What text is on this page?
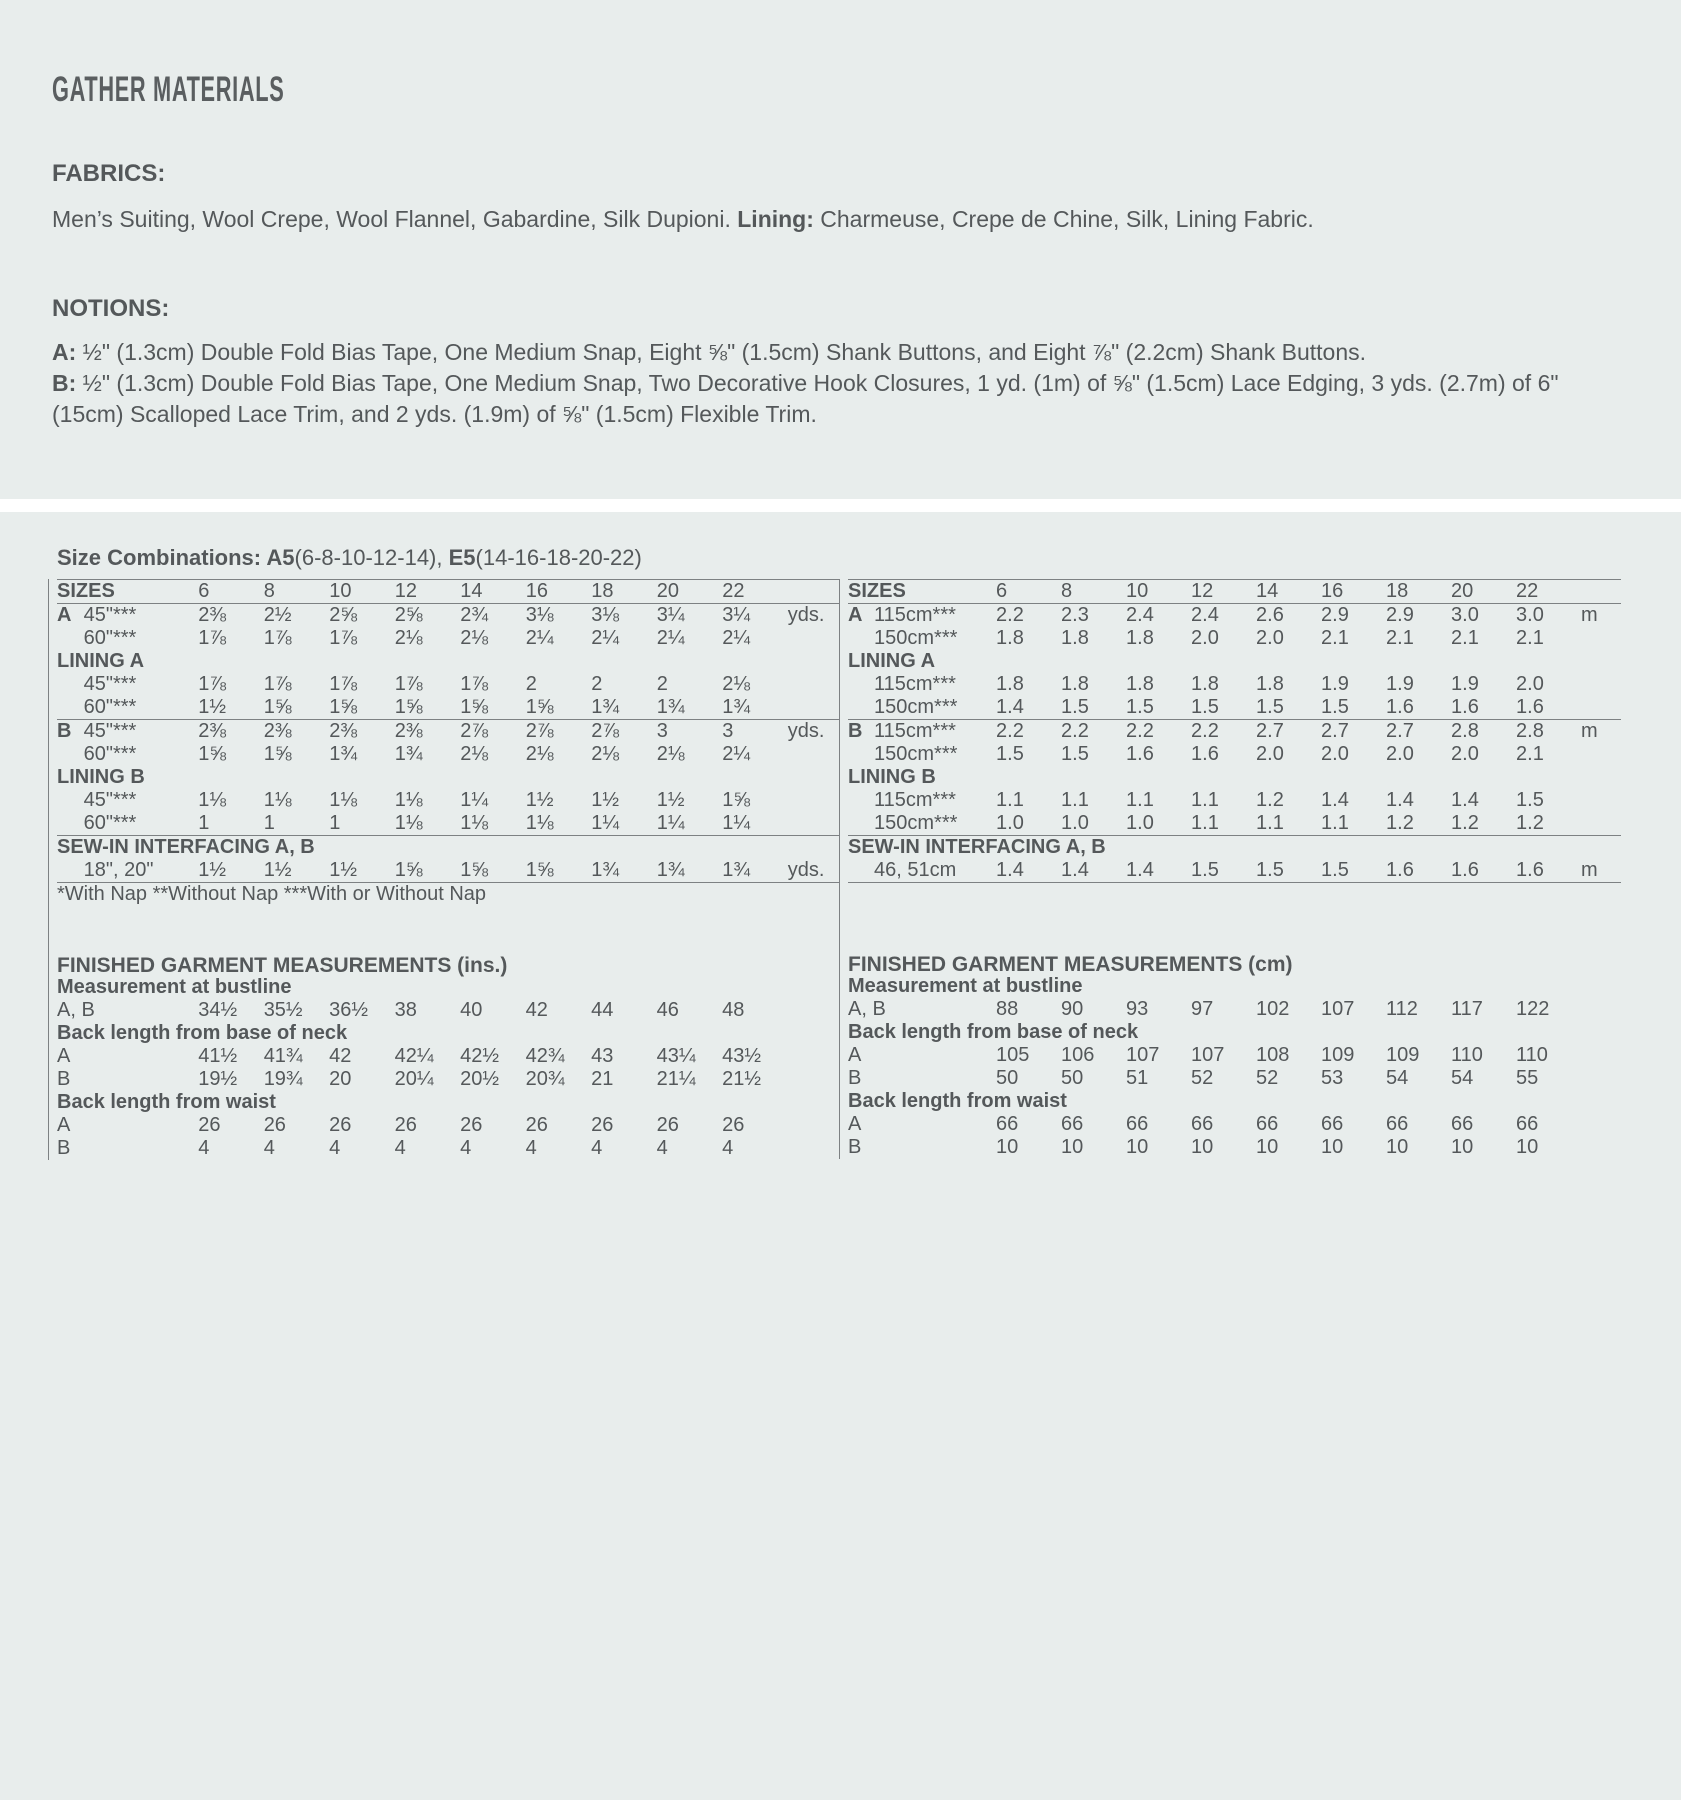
GATHER MATERIALS
FABRICS:

Men’s Suiting, Wool Crepe, Wool Flannel, Gabardine, Silk Dupioni. Lining: Charmeuse, Crepe de Chine, Silk, Lining Fabric.

NOTIONS:

A: ½" (1.3cm) Double Fold Bias Tape, One Medium Snap, Eight ⅝" (1.5cm) Shank Buttons, and Eight ⅞" (2.2cm) Shank Buttons.
B: ½" (1.3cm) Double Fold Bias Tape, One Medium Snap, Two Decorative Hook Closures, 1 yd. (1m) of ⅝" (1.5cm) Lace Edging, 3 yds. (2.7m) of 6" (15cm) Scalloped Lace Trim, and 2 yds. (1.9m) of ⅝" (1.5cm) Flexible Trim.

Size Combinations: A5(6-8-10-12-14), E5(14-16-18-20-22)
SIZES		6	8	10	12	14	16	18	20	22	
A	45"***	2⅜	2½	2⅝	2⅝	2¾	3⅛	3⅛	3¼	3¼	yds.
	60"***	1⅞	1⅞	1⅞	2⅛	2⅛	2¼	2¼	2¼	2¼	
LINING A											
	45"***	1⅞	1⅞	1⅞	1⅞	1⅞	2	2	2	2⅛	
	60"***	1½	1⅝	1⅝	1⅝	1⅝	1⅝	1¾	1¾	1¾	
B	45"***	2⅜	2⅜	2⅜	2⅜	2⅞	2⅞	2⅞	3	3	yds.
	60"***	1⅝	1⅝	1¾	1¾	2⅛	2⅛	2⅛	2⅛	2¼	
LINING B											
	45"***	1⅛	1⅛	1⅛	1⅛	1¼	1½	1½	1½	1⅝	
	60"***	1	1	1	1⅛	1⅛	1⅛	1¼	1¼	1¼	
SEW-IN INTERFACING A, B											
	18", 20"	1½	1½	1½	1⅝	1⅝	1⅝	1¾	1¾	1¾	yds.
*With Nap **Without Nap ***With or Without Nap											
FINISHED GARMENT MEASUREMENTS (ins.)
Measurement at bustline										
A, B	34½	35½	36½	38	40	42	44	46	48	
Back length from base of neck										
A	41½	41¾	42	42¼	42½	42¾	43	43¼	43½	
B	19½	19¾	20	20¼	20½	20¾	21	21¼	21½	
Back length from waist										
A	26	26	26	26	26	26	26	26	26	
B	4	4	4	4	4	4	4	4	4	
SIZES		6	8	10	12	14	16	18	20	22	
A	115cm***	2.2	2.3	2.4	2.4	2.6	2.9	2.9	3.0	3.0	m
	150cm***	1.8	1.8	1.8	2.0	2.0	2.1	2.1	2.1	2.1	
LINING A											
	115cm***	1.8	1.8	1.8	1.8	1.8	1.9	1.9	1.9	2.0	
	150cm***	1.4	1.5	1.5	1.5	1.5	1.5	1.6	1.6	1.6	
B	115cm***	2.2	2.2	2.2	2.2	2.7	2.7	2.7	2.8	2.8	m
	150cm***	1.5	1.5	1.6	1.6	2.0	2.0	2.0	2.0	2.1	
LINING B											
	115cm***	1.1	1.1	1.1	1.1	1.2	1.4	1.4	1.4	1.5	
	150cm***	1.0	1.0	1.0	1.1	1.1	1.1	1.2	1.2	1.2	
SEW-IN INTERFACING A, B											
	46, 51cm	1.4	1.4	1.4	1.5	1.5	1.5	1.6	1.6	1.6	m
FINISHED GARMENT MEASUREMENTS (cm)
Measurement at bustline										
A, B	88	90	93	97	102	107	112	117	122	
Back length from base of neck										
A	105	106	107	107	108	109	109	110	110	
B	50	50	51	52	52	53	54	54	55	
Back length from waist										
A	66	66	66	66	66	66	66	66	66	
B	10	10	10	10	10	10	10	10	10	
